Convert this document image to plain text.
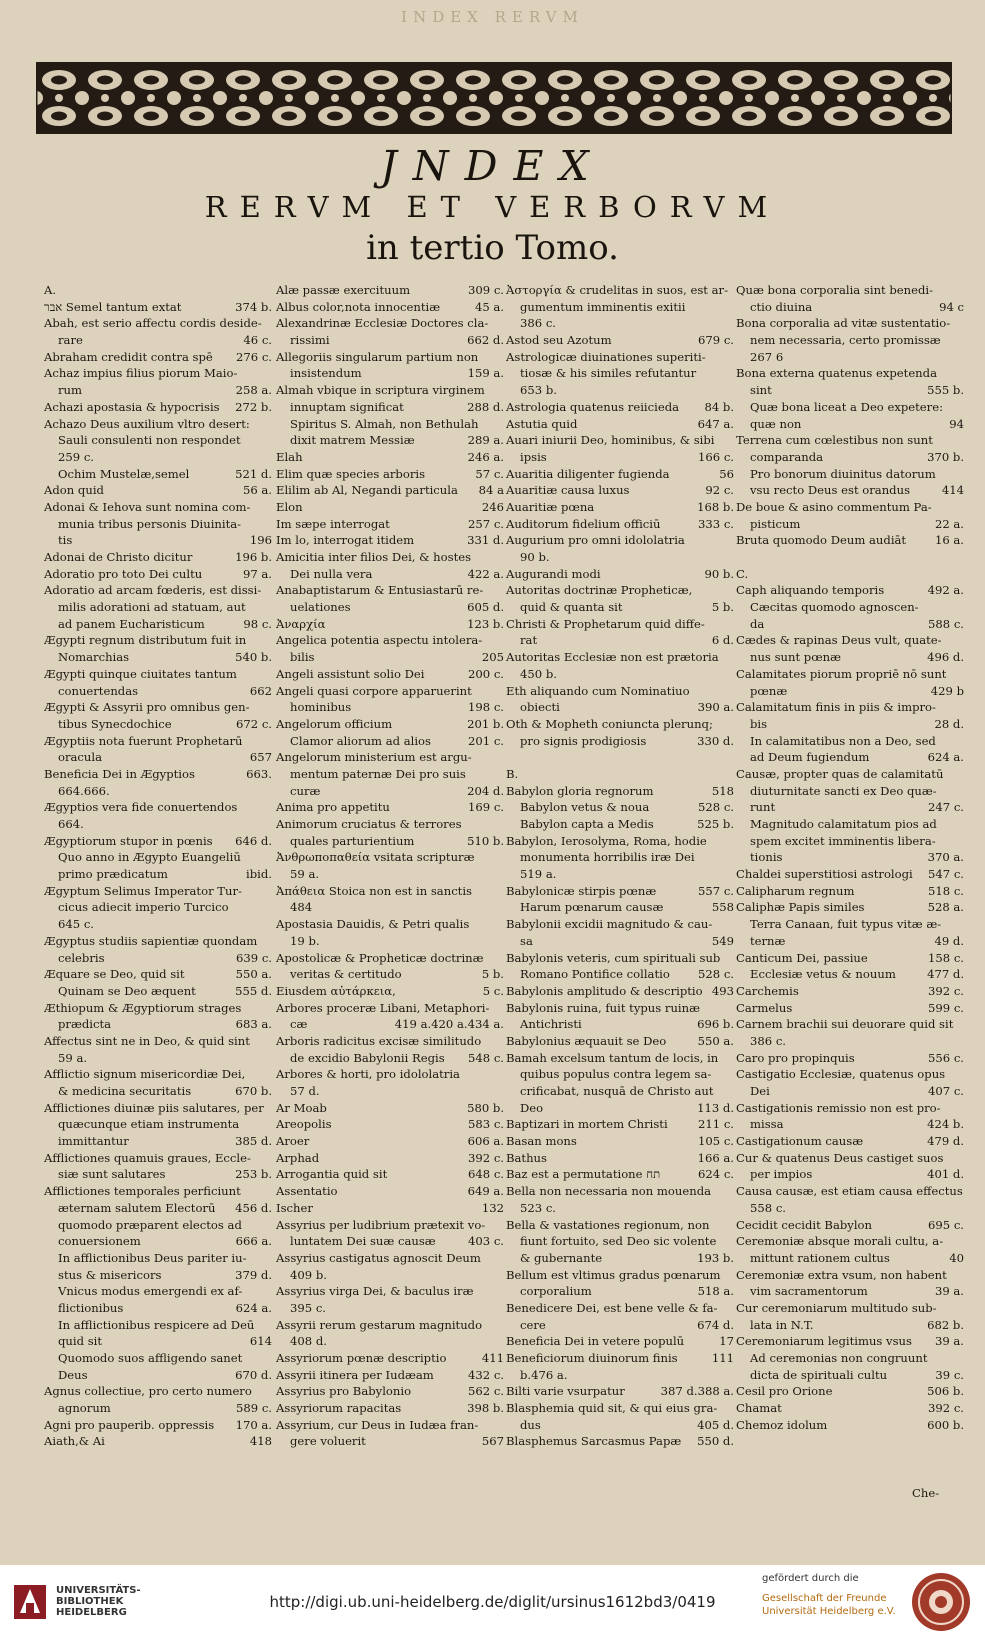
INDEX RERVM
JNDEX
RERVM ET VERBORVM
in tertio Tomo.
A.
אבר Semel tantum extat	374 b.
Abah, est serio affectu cordis deside-
rare	46 c.
Abraham credidit contra spē	276 c.
Achaz impius filius piorum Maio-
rum	258 a.
Achazi apostasia & hypocrisis	272 b.
Achazo Deus auxilium vltro desert:
Sauli consulenti non respondet
259 c.
Ochim Mustelæ,semel	521 d.
Adon quid	56 a.
Adonai & Iehova sunt nomina com-
munia tribus personis Diuinita-
tis	196
Adonai de Christo dicitur	196 b.
Adoratio pro toto Dei cultu	97 a.
Adoratio ad arcam fœderis, est dissi-
milis adorationi ad statuam, aut
ad panem Eucharisticum	98 c.
Ægypti regnum distributum fuit in
Nomarchias	540 b.
Ægypti quinque ciuitates tantum
conuertendas	662
Ægypti & Assyrii pro omnibus gen-
tibus Synecdochice	672 c.
Ægyptiis nota fuerunt Prophetarū
oracula	657
Beneficia Dei in Ægyptios	663.
664.666.
Ægyptios vera fide conuertendos
664.
Ægyptiorum stupor in pœnis	646 d.
Quo anno in Ægypto Euangeliū
primo prædicatum	ibid.
Ægyptum Selimus Imperator Tur-
cicus adiecit imperio Turcico
645 c.
Ægyptus studiis sapientiæ quondam
celebris	639 c.
Æquare se Deo, quid sit	550 a.
Quinam se Deo æquent	555 d.
Æthiopum & Ægyptiorum strages
prædicta	683 a.
Affectus sint ne in Deo, & quid sint
59 a.
Afflictio signum misericordiæ Dei,
& medicina securitatis	670 b.
Afflictiones diuinæ piis salutares, per
quæcunque etiam instrumenta
immittantur	385 d.
Afflictiones quamuis graues, Eccle-
siæ sunt salutares	253 b.
Afflictiones temporales perficiunt
æternam salutem Electorū	456 d.
quomodo præparent electos ad
conuersionem	666 a.
In afflictionibus Deus pariter iu-
stus & misericors	379 d.
Vnicus modus emergendi ex af-
flictionibus	624 a.
In afflictionibus respicere ad Deū
quid sit	614
Quomodo suos affligendo sanet
Deus	670 d.
Agnus collectiue, pro certo numero
agnorum	589 c.
Agni pro pauperib. oppressis	170 a.
Aiath,& Ai	418
Alæ passæ exercituum	309 c.
Albus color,nota innocentiæ	45 a.
Alexandrinæ Ecclesiæ Doctores cla-
rissimi	662 d.
Allegoriis singularum partium non
insistendum	159 a.
Almah vbique in scriptura virginem
innuptam significat	288 d.
Spiritus S. Almah, non Bethulah
dixit matrem Messiæ	289 a.
Elah	246 a.
Elim quæ species arboris	57 c.
Elilim ab Al, Negandi particula	84 a
Elon	246
Im sæpe interrogat	257 c.
Im lo, interrogat itidem	331 d.
Amicitia inter filios Dei, & hostes
Dei nulla vera	422 a.
Anabaptistarum & Entusiastarū re-
uelationes	605 d.
Ἀναρχία	123 b.
Angelica potentia aspectu intolera-
bilis	205
Angeli assistunt solio Dei	200 c.
Angeli quasi corpore apparuerint
hominibus	198 c.
Angelorum officium	201 b.
Clamor aliorum ad alios	201 c.
Angelorum ministerium est argu-
mentum paternæ Dei pro suis
curæ	204 d.
Anima pro appetitu	169 c.
Animorum cruciatus & terrores
quales parturientium	510 b.
Ἀνθρωποπαθεία vsitata scripturæ
59 a.
Ἀπάθεια Stoica non est in sanctis
484
Apostasia Dauidis, & Petri qualis
19 b.
Apostolicæ & Propheticæ doctrinæ
veritas & certitudo	5 b.
Eiusdem αὐτάρκεια,	5 c.
Arbores proceræ Libani, Metaphori-
cæ	419 a.420 a.434 a.
Arboris radicitus excisæ similitudo
de excidio Babylonii Regis	548 c.
Arbores & horti, pro idololatria
57 d.
Ar Moab	580 b.
Areopolis	583 c.
Aroer	606 a.
Arphad	392 c.
Arrogantia quid sit	648 c.
Assentatio	649 a.
Ischer	132
Assyrius per ludibrium prætexit vo-
luntatem Dei suæ causæ	403 c.
Assyrius castigatus agnoscit Deum
409 b.
Assyrius virga Dei, & baculus iræ
395 c.
Assyrii rerum gestarum magnitudo
408 d.
Assyriorum pœnæ descriptio	411
Assyrii itinera per Iudæam	432 c.
Assyrius pro Babylonio	562 c.
Assyriorum rapacitas	398 b.
Assyrium, cur Deus in Iudæa fran-
gere voluerit	567
Ἀστοργία & crudelitas in suos, est ar-
gumentum imminentis exitii
386 c.
Astod seu Azotum	679 c.
Astrologicæ diuinationes superiti-
tiosæ & his similes refutantur
653 b.
Astrologia quatenus reiicieda	84 b.
Astutia quid	647 a.
Auari iniurii Deo, hominibus, & sibi
ipsis	166 c.
Auaritia diligenter fugienda	56
Auaritiæ causa luxus	92 c.
Auaritiæ pœna	168 b.
Auditorum fidelium officiū	333 c.
Augurium pro omni idololatria
90 b.
Augurandi modi	90 b.
Autoritas doctrinæ Propheticæ,
quid & quanta sit	5 b.
Christi & Prophetarum quid diffe-
rat	6 d.
Autoritas Ecclesiæ non est prætoria
450 b.
Eth aliquando cum Nominatiuo
obiecti	390 a.
Oth & Mopheth coniuncta plerunq;
pro signis prodigiosis	330 d.
B.
Babylon gloria regnorum	518
Babylon vetus & noua	528 c.
Babylon capta a Medis	525 b.
Babylon, Ierosolyma, Roma, hodie
monumenta horribilis iræ Dei
519 a.
Babylonicæ stirpis pœnæ	557 c.
Harum pœnarum causæ	558
Babylonii excidii magnitudo & cau-
sa	549
Babylonis veteris, cum spirituali sub
Romano Pontifice collatio	528 c.
Babylonis amplitudo & descriptio 493
Babylonis ruina, fuit typus ruinæ
Antichristi	696 b.
Babylonius æquauit se Deo	550 a.
Bamah excelsum tantum de locis, in
quibus populus contra legem sa-
crificabat, nusquā de Christo aut
Deo	113 d.
Baptizari in mortem Christi	211 c.
Basan mons	105 c.
Bathus	166 a.
Baz est a permutatione תח	624 c.
Bella non necessaria non mouenda
523 c.
Bella & vastationes regionum, non
fiunt fortuito, sed Deo sic volente
& gubernante	193 b.
Bellum est vltimus gradus pœnarum
corporalium	518 a.
Benedicere Dei, est bene velle & fa-
cere	674 d.
Beneficia Dei in vetere populū	17
Beneficiorum diuinorum finis	111
b.476 a.
Bilti varie vsurpatur	387 d.388 a.
Blasphemia quid sit, & qui eius gra-
dus	405 d.
Blasphemus Sarcasmus Papæ	550 d.
Quæ bona corporalia sint benedi-
ctio diuina	94 c
Bona corporalia ad vitæ sustentatio-
nem necessaria, certo promissæ
267 6
Bona externa quatenus expetenda
sint	555 b.
Quæ bona liceat a Deo expetere:
quæ non	94
Terrena cum cœlestibus non sunt
comparanda	370 b.
Pro bonorum diuinitus datorum
vsu recto Deus est orandus	414
De boue & asino commentum Pa-
pisticum	22 a.
Bruta quomodo Deum audiāt	16 a.
C.
Caph aliquando temporis	492 a.
Cæcitas quomodo agnoscen-
da	588 c.
Cædes & rapinas Deus vult, quate-
nus sunt pœnæ	496 d.
Calamitates piorum propriē nō sunt
pœnæ	429 b
Calamitatum finis in piis & impro-
bis	28 d.
In calamitatibus non a Deo, sed
ad Deum fugiendum	624 a.
Causæ, propter quas de calamitatū
diuturnitate sancti ex Deo quæ-
runt	247 c.
Magnitudo calamitatum pios ad
spem excitet imminentis libera-
tionis	370 a.
Chaldei superstitiosi astrologi	547 c.
Calipharum regnum	518 c.
Caliphæ Papis similes	528 a.
Terra Canaan, fuit typus vitæ æ-
ternæ	49 d.
Canticum Dei, passiue	158 c.
Ecclesiæ vetus & nouum	477 d.
Carchemis	392 c.
Carmelus	599 c.
Carnem brachii sui deuorare quid sit
386 c.
Caro pro propinquis	556 c.
Castigatio Ecclesiæ, quatenus opus
Dei	407 c.
Castigationis remissio non est pro-
missa	424 b.
Castigationum causæ	479 d.
Cur & quatenus Deus castiget suos
per impios	401 d.
Causa causæ, est etiam causa effectus
558 c.
Cecidit cecidit Babylon	695 c.
Ceremoniæ absque morali cultu, a-
mittunt rationem cultus	40
Ceremoniæ extra vsum, non habent
vim sacramentorum	39 a.
Cur ceremoniarum multitudo sub-
lata in N.T.	682 b.
Ceremoniarum legitimus vsus	39 a.
Ad ceremonias non congruunt
dicta de spirituali cultu	39 c.
Cesil pro Orione	506 b.
Chamat	392 c.
Chemoz idolum	600 b.
Che-
UNIVERSITÄTS-
BIBLIOTHEK
HEIDELBERG
http://digi.ub.uni-heidelberg.de/diglit/ursinus1612bd3/0419
gefördert durch die
Gesellschaft der Freunde
Universität Heidelberg e.V.
